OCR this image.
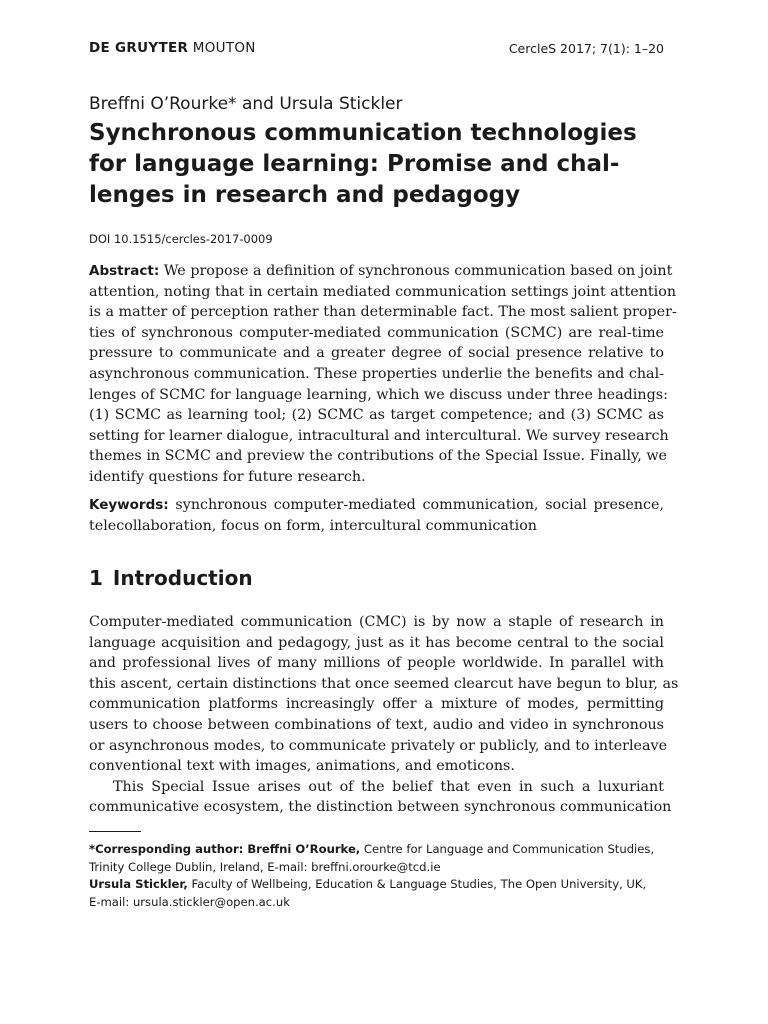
DE GRUYTER MOUTON	CercleS 2017; 7(1): 1–20
Breffni O’Rourke* and Ursula Stickler
Synchronous communication technologies
for language learning: Promise and chal-
lenges in research and pedagogy
DOI 10.1515/cercles-2017-0009
Abstract: We propose a definition of synchronous communication based on joint
attention, noting that in certain mediated communication settings joint attention
is a matter of perception rather than determinable fact. The most salient proper-
ties of synchronous computer-mediated communication (SCMC) are real-time
pressure to communicate and a greater degree of social presence relative to
asynchronous communication. These properties underlie the benefits and chal-
lenges of SCMC for language learning, which we discuss under three headings:
(1) SCMC as learning tool; (2) SCMC as target competence; and (3) SCMC as
setting for learner dialogue, intracultural and intercultural. We survey research
themes in SCMC and preview the contributions of the Special Issue. Finally, we
identify questions for future research.
Keywords: synchronous computer-mediated communication, social presence,
telecollaboration, focus on form, intercultural communication
1 Introduction
Computer-mediated communication (CMC) is by now a staple of research in
language acquisition and pedagogy, just as it has become central to the social
and professional lives of many millions of people worldwide. In parallel with
this ascent, certain distinctions that once seemed clearcut have begun to blur, as
communication platforms increasingly offer a mixture of modes, permitting
users to choose between combinations of text, audio and video in synchronous
or asynchronous modes, to communicate privately or publicly, and to interleave
conventional text with images, animations, and emoticons.
This Special Issue arises out of the belief that even in such a luxuriant
communicative ecosystem, the distinction between synchronous communication
*Corresponding author: Breffni O’Rourke, Centre for Language and Communication Studies,
Trinity College Dublin, Ireland, E-mail: breffni.orourke@tcd.ie
Ursula Stickler, Faculty of Wellbeing, Education & Language Studies, The Open University, UK,
E-mail: ursula.stickler@open.ac.uk
